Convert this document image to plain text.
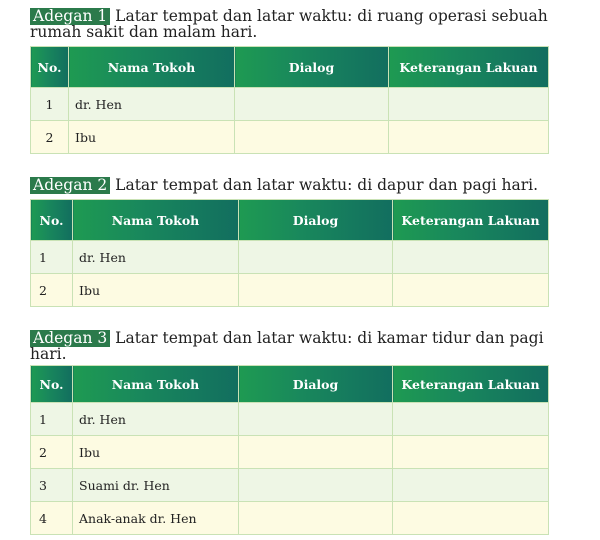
Adegan 1 Latar tempat dan latar waktu: di ruang operasi sebuah
rumah sakit dan malam hari.
No.	Nama Tokoh	Dialog	Keterangan Lakuan
1	dr. Hen		
2	Ibu		
Adegan 2 Latar tempat dan latar waktu: di dapur dan pagi hari.
No.	Nama Tokoh	Dialog	Keterangan Lakuan
1	dr. Hen		
2	Ibu		
Adegan 3 Latar tempat dan latar waktu: di kamar tidur dan pagi hari.
No.	Nama Tokoh	Dialog	Keterangan Lakuan
1	dr. Hen		
2	Ibu		
3	Suami dr. Hen		
4	Anak-anak dr. Hen		
